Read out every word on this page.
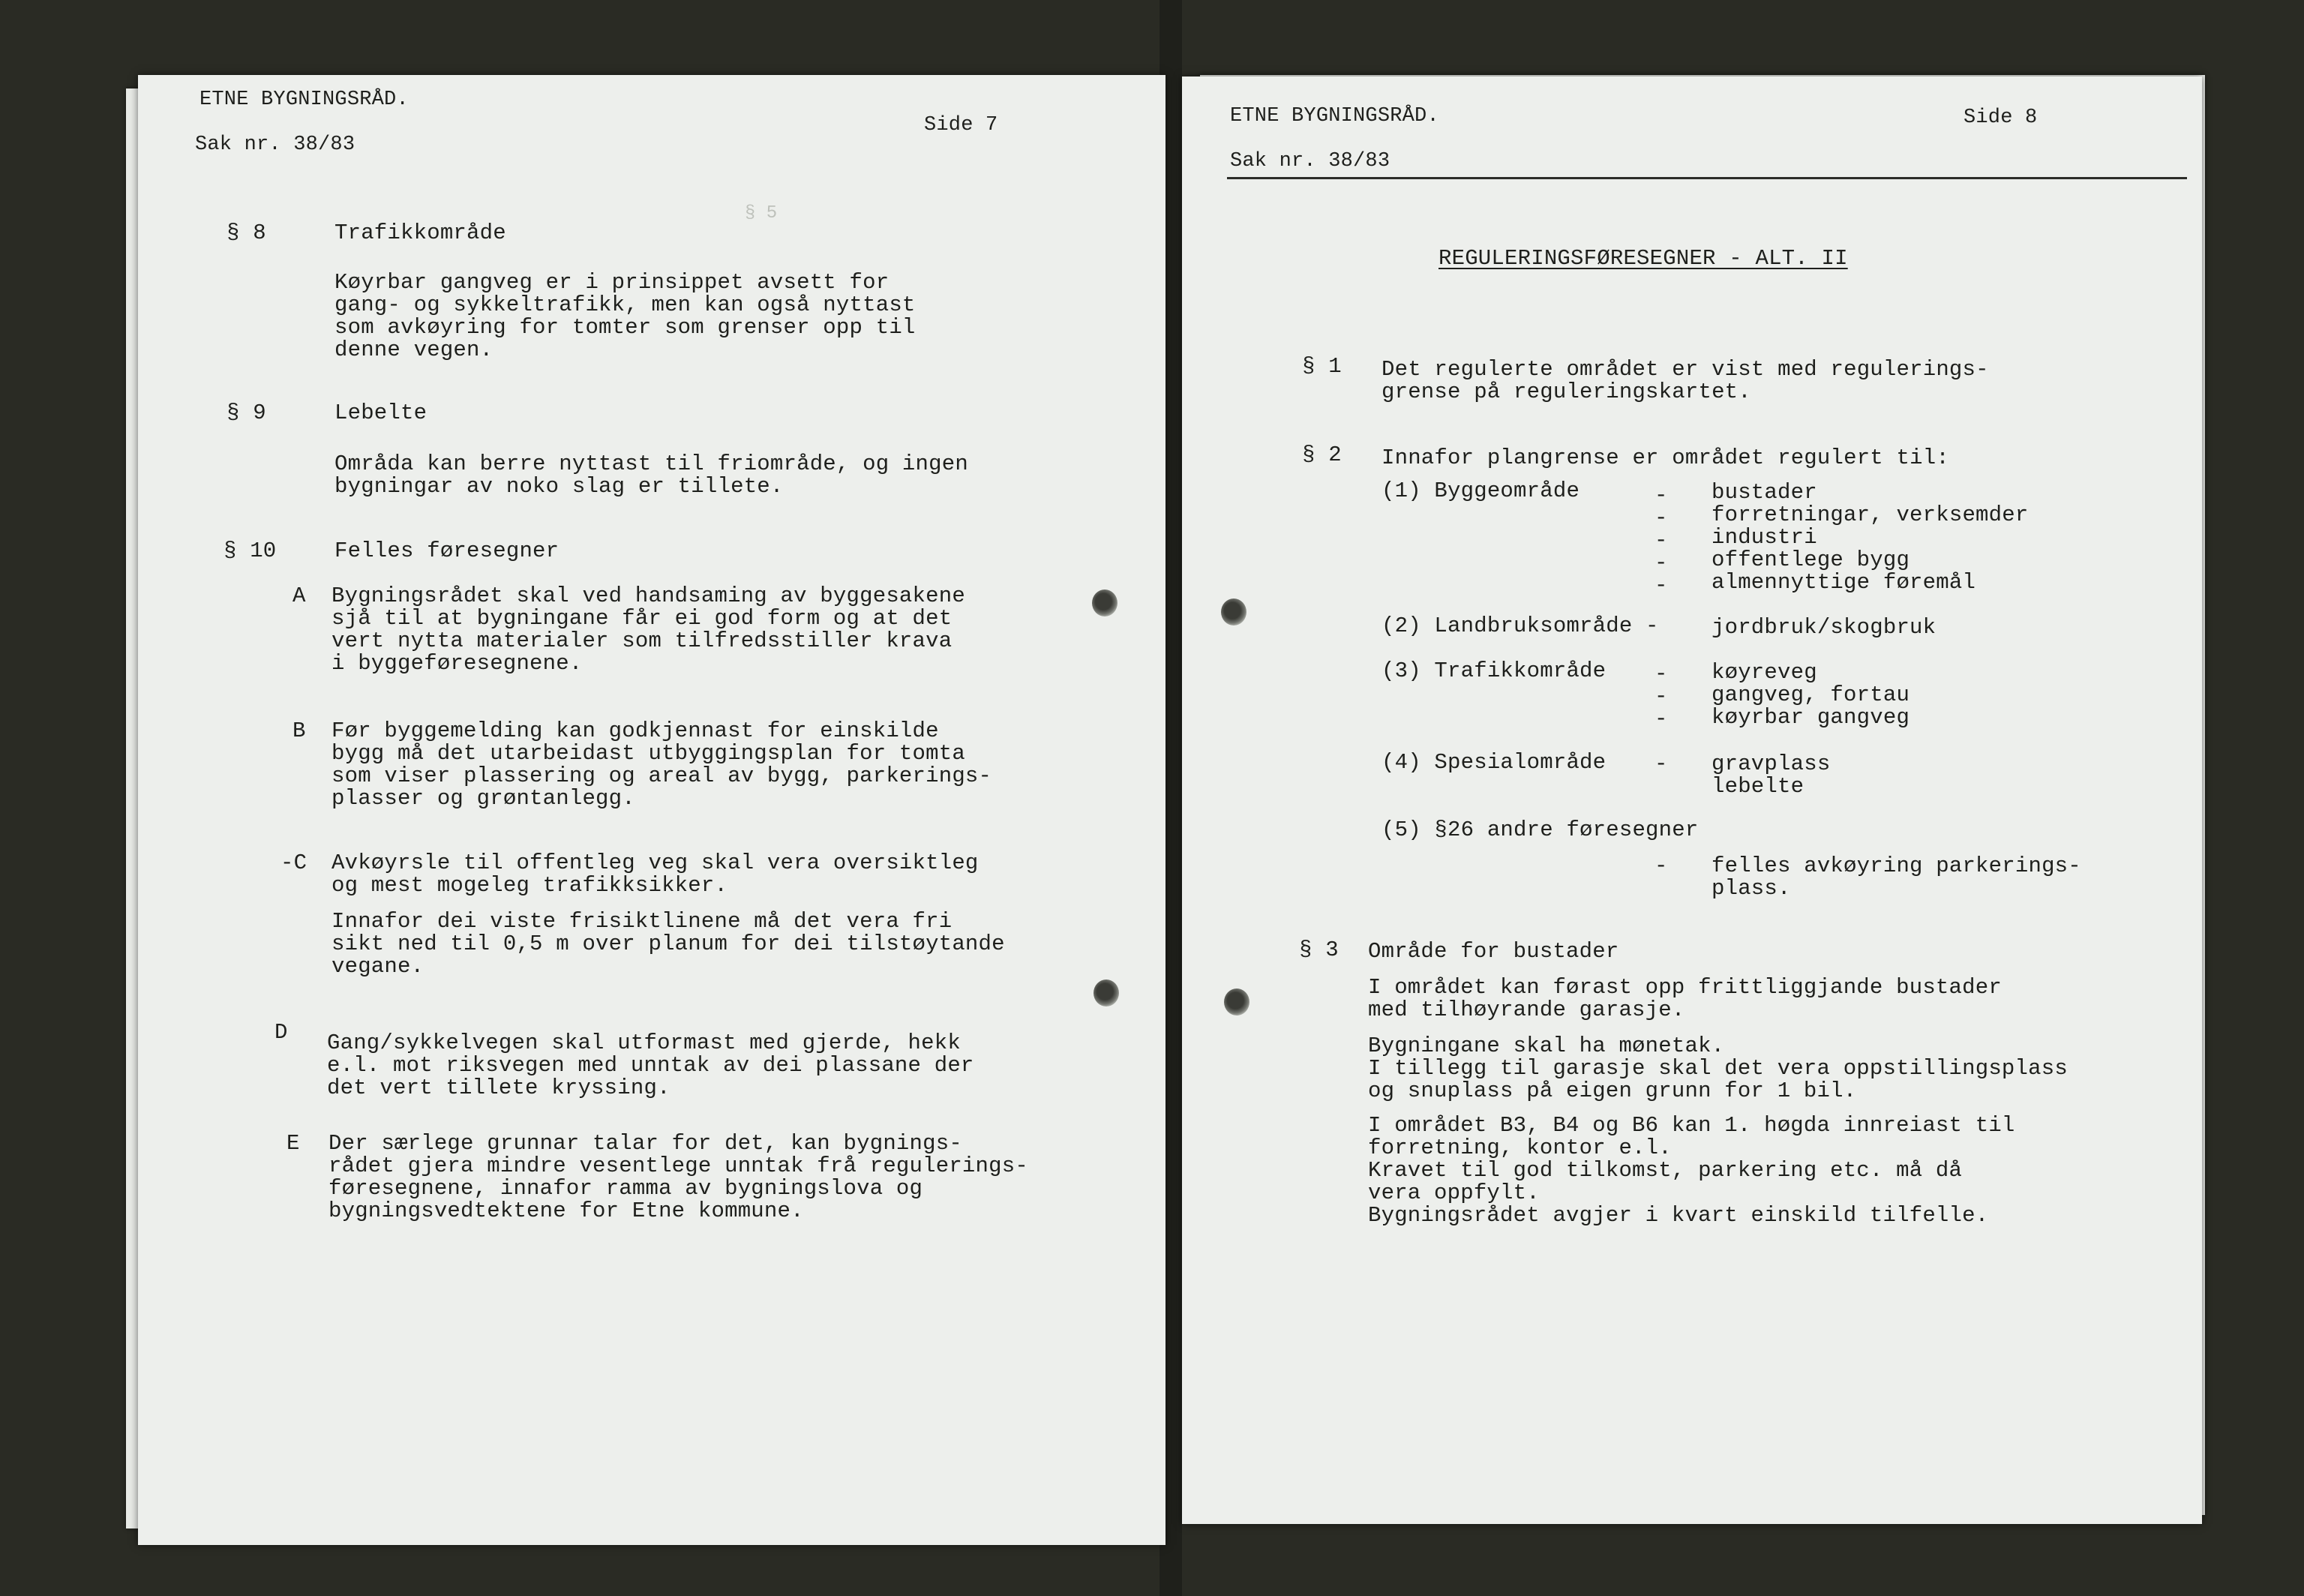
§ 5
ETNE BYGNINGSRÅD.
Sak nr. 38/83
Side 7
§ 8	Trafikkområde
Køyrbar gangveg er i prinsippet avsett for
gang- og sykkeltrafikk, men kan også nyttast
som avkøyring for tomter som grenser opp til
denne vegen.
§ 9	Lebelte
Områda kan berre nyttast til friområde, og ingen
bygningar av noko slag er tillete.
§ 10	Felles føresegner
A Bygningsrådet skal ved handsaming av byggesakene
sjå til at bygningane får ei god form og at det
vert nytta materialer som tilfredsstiller krava
i byggeføresegnene.
B Før byggemelding kan godkjennast for einskilde
bygg må det utarbeidast utbyggingsplan for tomta
som viser plassering og areal av bygg, parkerings-
plasser og grøntanlegg.
-C Avkøyrsle til offentleg veg skal vera oversiktleg
og mest mogeleg trafikksikker.
Innafor dei viste frisiktlinene må det vera fri
sikt ned til 0,5 m over planum for dei tilstøytande
vegane.
D Gang/sykkelvegen skal utformast med gjerde, hekk
e.l. mot riksvegen med unntak av dei plassane der
det vert tillete kryssing.
E Der særlege grunnar talar for det, kan bygnings-
rådet gjera mindre vesentlege unntak frå regulerings-
føresegnene, innafor ramma av bygningslova og
bygningsvedtektene for Etne kommune.
ETNE BYGNINGSRÅD.
Sak nr. 38/83
Side 8
REGULERINGSFØRESEGNER - ALT. II
§ 1 Det regulerte området er vist med regulerings-
grense på reguleringskartet.
§ 2 Innafor plangrense er området regulert til:
(1) Byggeområde	- bustader
- forretningar, verksemder
- industri
- offentlege bygg
- almennyttige føremål
(2) Landbruksområde - jordbruk/skogbruk
(3) Trafikkområde - køyreveg
- gangveg, fortau
- køyrbar gangveg
(4) Spesialområde - gravplass
lebelte
(5) §26 andre føresegner
- felles avkøyring parkerings-
plass.
§ 3 Område for bustader
I området kan førast opp frittliggjande bustader
med tilhøyrande garasje.
Bygningane skal ha mønetak.
I tillegg til garasje skal det vera oppstillingsplass
og snuplass på eigen grunn for 1 bil.
I området B3, B4 og B6 kan 1. høgda innreiast til
forretning, kontor e.l.
Kravet til god tilkomst, parkering etc. må då
vera oppfylt.
Bygningsrådet avgjer i kvart einskild tilfelle.
